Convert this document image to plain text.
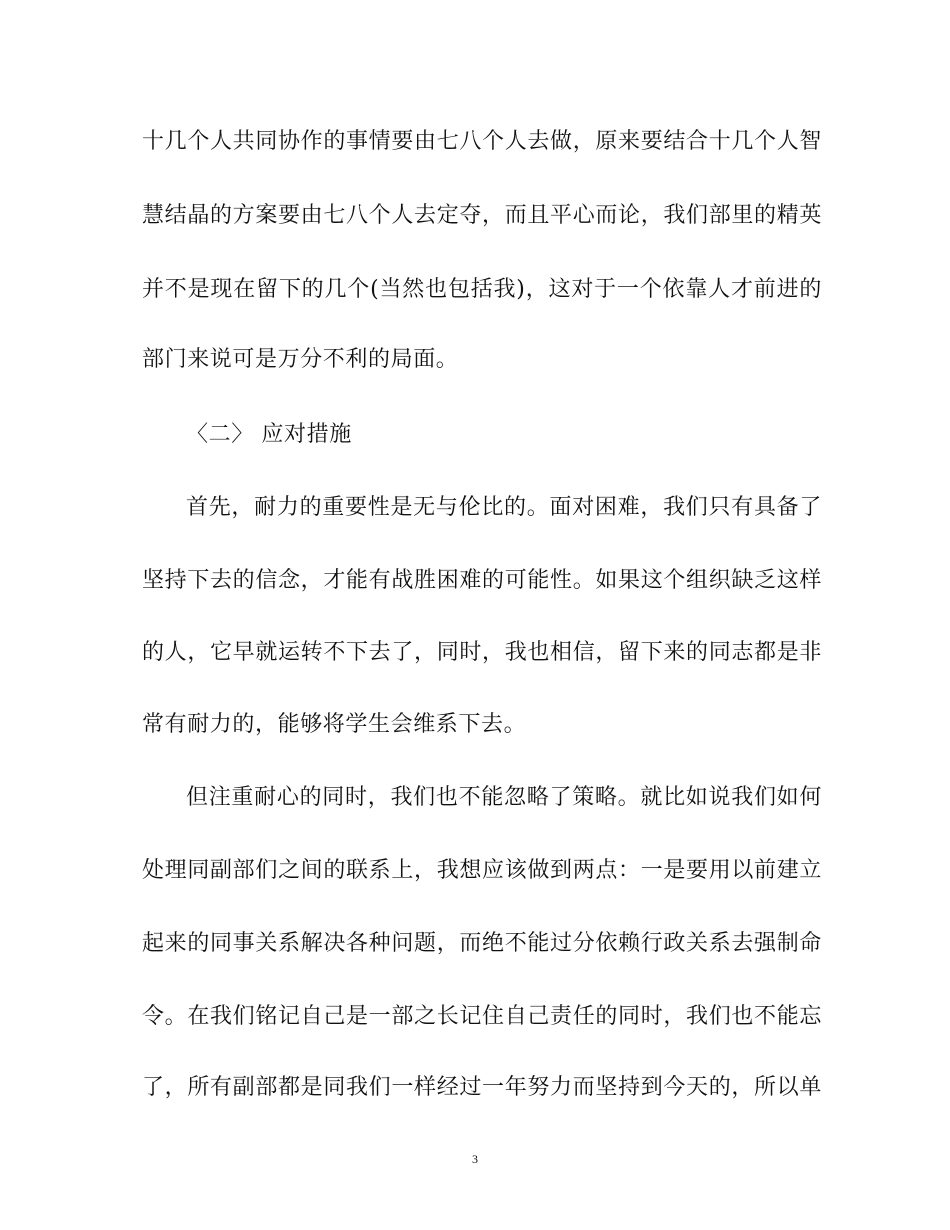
十几个人共同协作的事情要由七八个人去做，原来要结合十几个人智
慧结晶的方案要由七八个人去定夺，而且平心而论，我们部里的精英
并不是现在留下的几个(当然也包括我)，这对于一个依靠人才前进的
部门来说可是万分不利的局面。
〈二〉 应对措施
首先，耐力的重要性是无与伦比的。面对困难，我们只有具备了
坚持下去的信念，才能有战胜困难的可能性。如果这个组织缺乏这样
的人，它早就运转不下去了，同时，我也相信，留下来的同志都是非
常有耐力的，能够将学生会维系下去。
但注重耐心的同时，我们也不能忽略了策略。就比如说我们如何
处理同副部们之间的联系上，我想应该做到两点：一是要用以前建立
起来的同事关系解决各种问题，而绝不能过分依赖行政关系去强制命
令。在我们铭记自己是一部之长记住自己责任的同时，我们也不能忘
了，所有副部都是同我们一样经过一年努力而坚持到今天的，所以单
3
